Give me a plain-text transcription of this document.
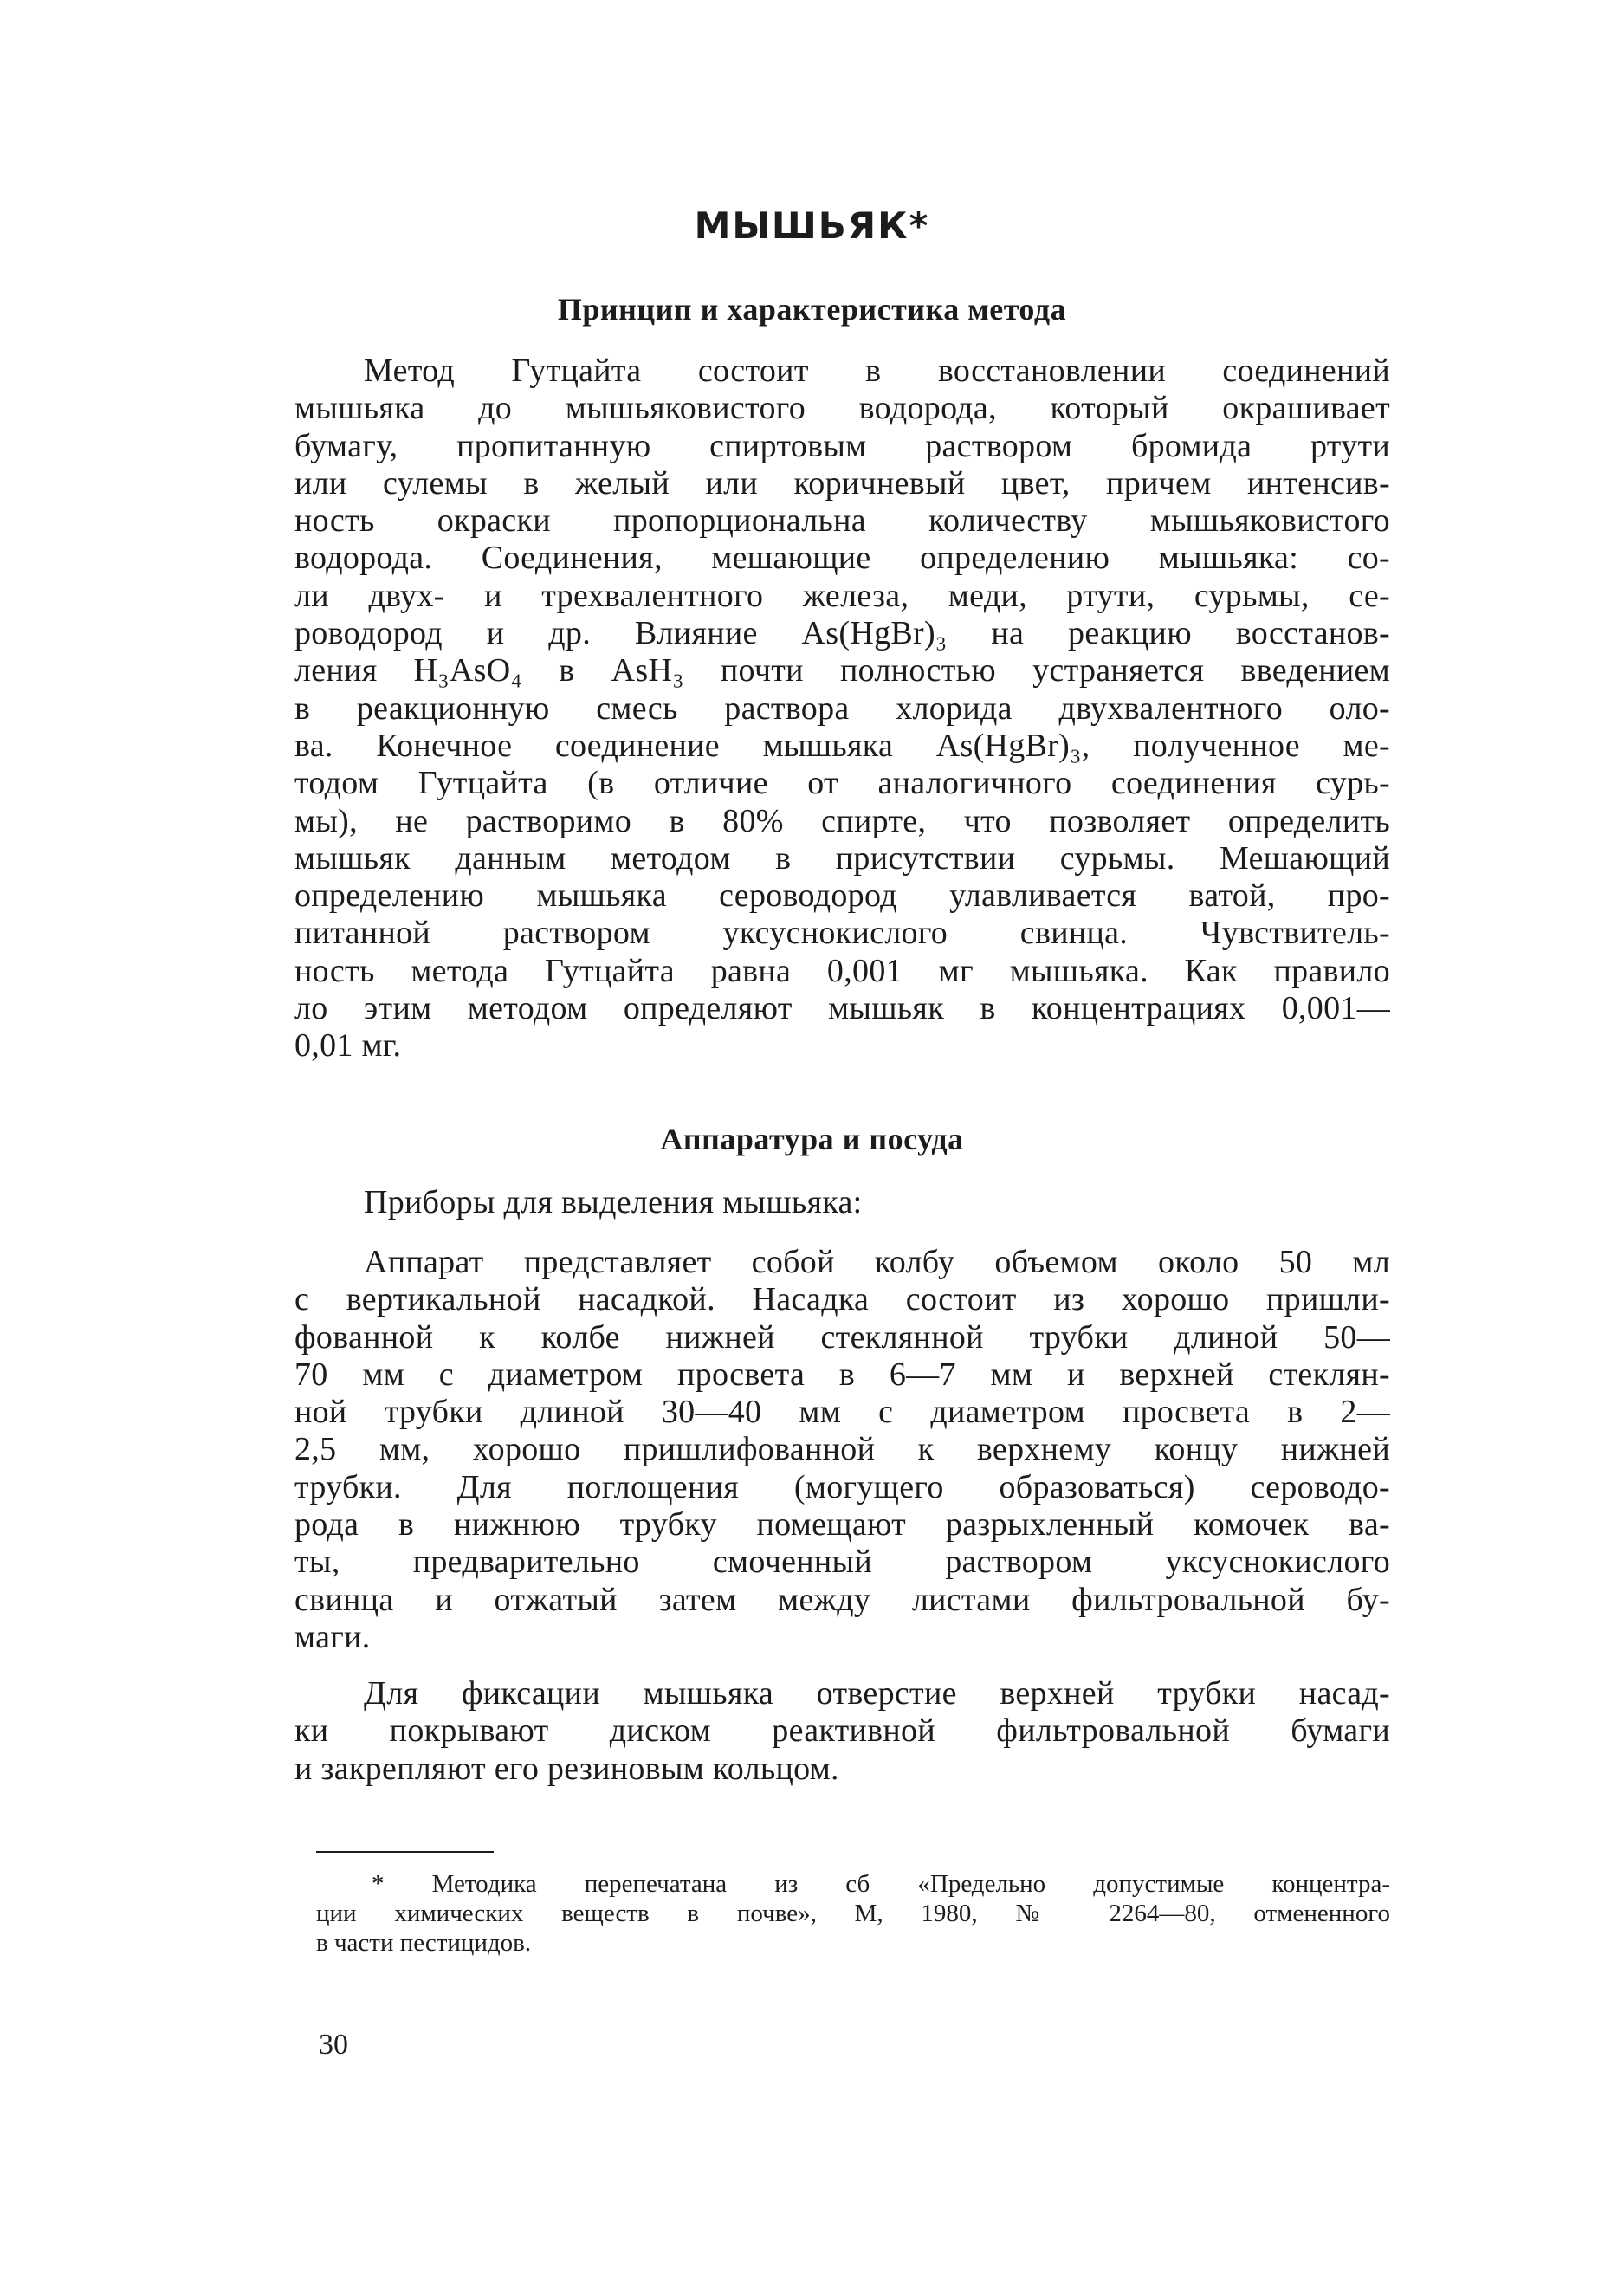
МЫШЬЯК*
Принцип и характеристика метода
Метод Гутцайта состоит в восстановлении соединений
мышьяка до мышьяковистого водорода, который окрашивает
бумагу, пропитанную спиртовым раствором бромида ртути
или сулемы в желый или коричневый цвет, причем интенсив-
ность окраски пропорциональна количеству мышьяковистого
водорода. Соединения, мешающие определению мышьяка: со-
ли двух- и трехвалентного железа, меди, ртути, сурьмы, се-
роводород и др. Влияние As(HgBr)₃ на реакцию восстанов-
ления H₃AsO₄ в AsH₃ почти полностью устраняется введением
в реакционную смесь раствора хлорида двухвалентного оло-
ва. Конечное соединение мышьяка As(HgBr)₃, полученное ме-
тодом Гутцайта (в отличие от аналогичного соединения сурь-
мы), не растворимо в 80% спирте, что позволяет определить
мышьяк данным методом в присутствии сурьмы. Мешающий
определению мышьяка сероводород улавливается ватой, про-
питанной раствором уксуснокислого свинца. Чувствитель-
ность метода Гутцайта равна 0,001 мг мышьяка. Как правило
ло этим методом определяют мышьяк в концентрациях 0,001—
0,01 мг.
Аппаратура и посуда
Приборы для выделения мышьяка:
Аппарат представляет собой колбу объемом около 50 мл
с вертикальной насадкой. Насадка состоит из хорошо пришли-
фованной к колбе нижней стеклянной трубки длиной 50—
70 мм с диаметром просвета в 6—7 мм и верхней стеклян-
ной трубки длиной 30—40 мм с диаметром просвета в 2—
2,5 мм, хорошо пришлифованной к верхнему концу нижней
трубки. Для поглощения (могущего образоваться) сероводо-
рода в нижнюю трубку помещают разрыхленный комочек ва-
ты, предварительно смоченный раствором уксуснокислого
свинца и отжатый затем между листами фильтровальной бу-
маги.
Для фиксации мышьяка отверстие верхней трубки насад-
ки покрывают диском реактивной фильтровальной бумаги
и закрепляют его резиновым кольцом.
* Методика перепечатана из сб «Предельно допустимые концентра-
ции химических веществ в почве», М, 1980, № 2264—80, отмененного
в части пестицидов.
30
